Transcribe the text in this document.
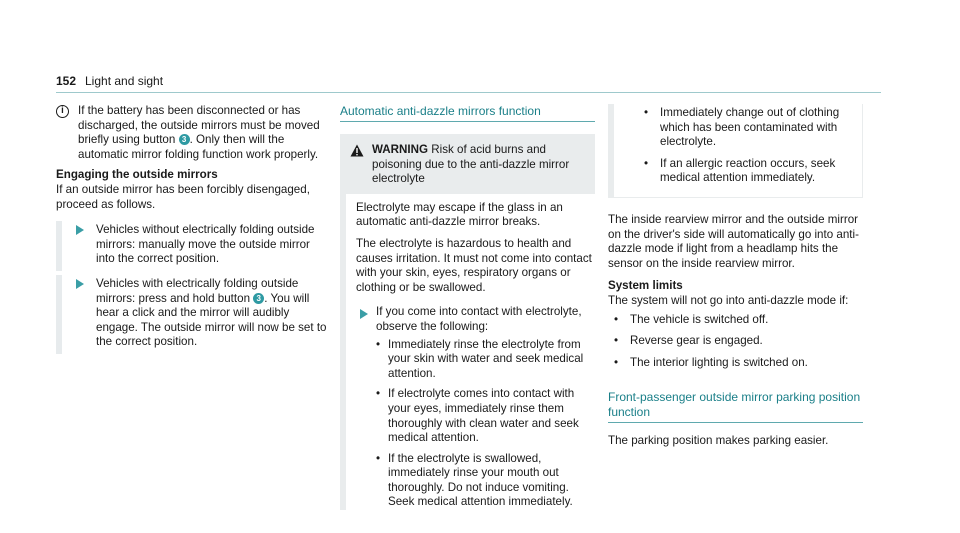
152 Light and sight
i	If the battery has been disconnected or has discharged, the outside mirrors must be moved briefly using button 3 . Only then will the automatic mirror folding function work properly.
Engaging the outside mirrors
If an outside mirror has been forcibly disengaged, proceed as follows.
Vehicles without electrically folding outside mirrors: manually move the outside mirror into the correct position.
Vehicles with electrically folding outside mirrors: press and hold button 3 . You will hear a click and the mirror will audibly engage. The outside mirror will now be set to the correct position.
Automatic anti-dazzle mirrors function
WARNING Risk of acid burns and poisoning due to the anti-dazzle mirror electrolyte

Electrolyte may escape if the glass in an automatic anti-dazzle mirror breaks.

The electrolyte is hazardous to health and causes irritation. It must not come into contact with your skin, eyes, respiratory organs or clothing or be swallowed.

If you come into contact with electrolyte, observe the following:
• Immediately rinse the electrolyte from your skin with water and seek medical attention.
• If electrolyte comes into contact with your eyes, immediately rinse them thoroughly with clean water and seek medical attention.
• If the electrolyte is swallowed, immediately rinse your mouth out thoroughly. Do not induce vomiting. Seek medical attention immediately.
• Immediately change out of clothing which has been contaminated with electrolyte.
• If an allergic reaction occurs, seek medical attention immediately.

The inside rearview mirror and the outside mirror on the driver's side will automatically go into anti-dazzle mode if light from a headlamp hits the sensor on the inside rearview mirror.

System limits
The system will not go into anti-dazzle mode if:
• The vehicle is switched off.
• Reverse gear is engaged.
• The interior lighting is switched on.
Front-passenger outside mirror parking position function

The parking position makes parking easier.
